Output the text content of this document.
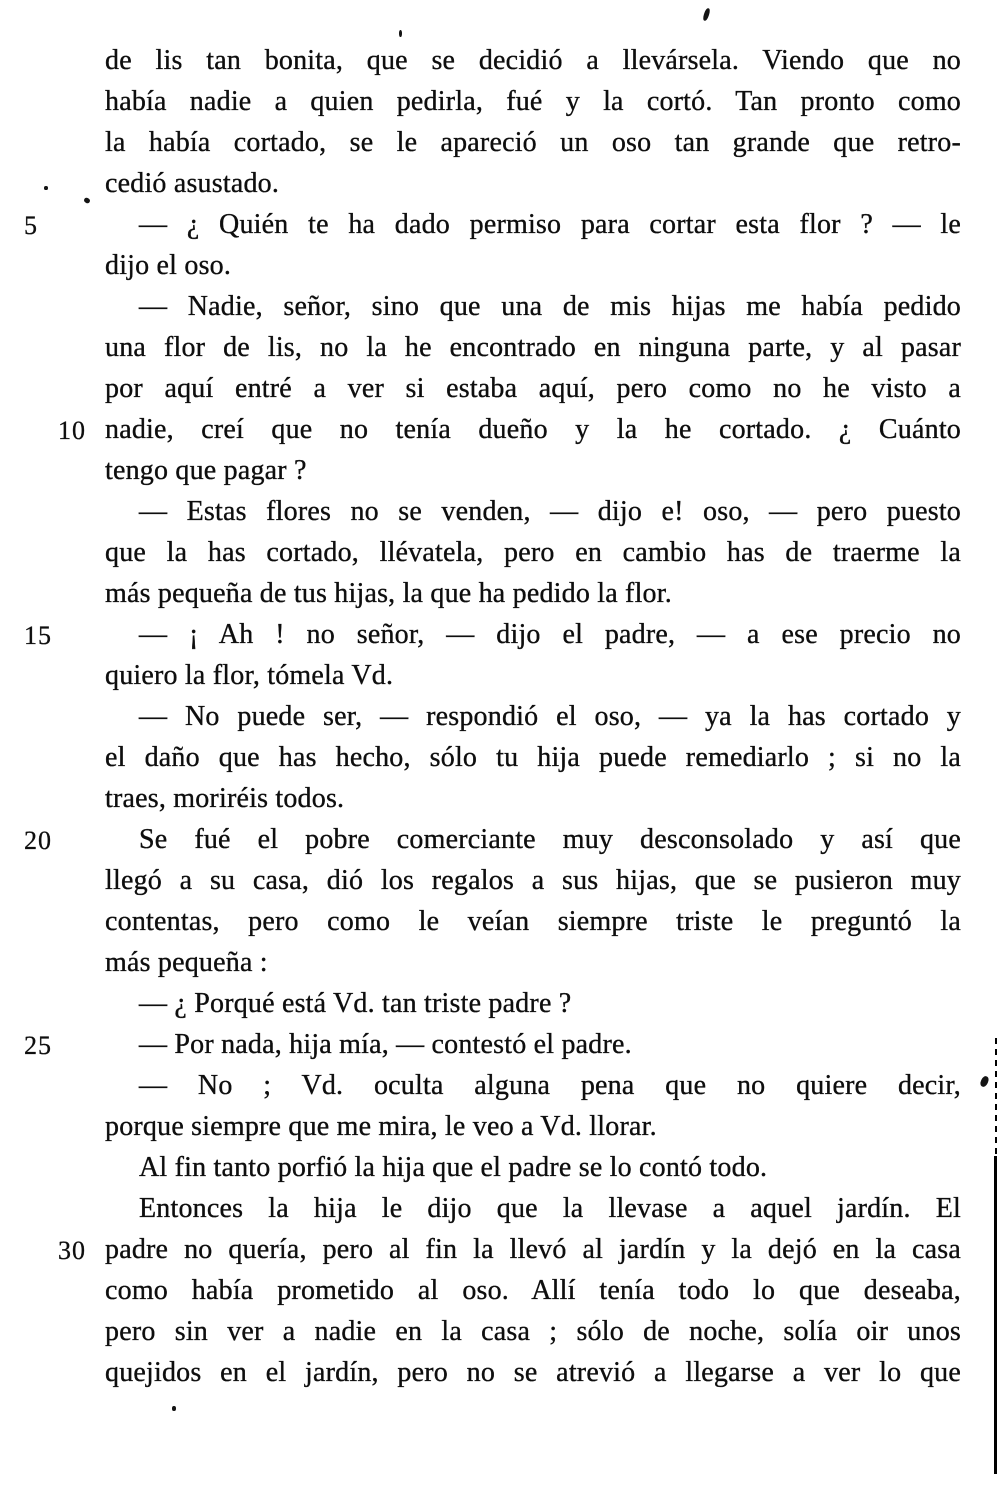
de lis tan bonita, que se decidió a llevársela. Viendo que no
había nadie a quien pedirla, fué y la cortó. Tan pronto como
la había cortado, se le apareció un oso tan grande que retro-
cedió asustado.
5	— ¿ Quién te ha dado permiso para cortar esta flor ? — le
dijo el oso.
— Nadie, señor, sino que una de mis hijas me había pedido
una flor de lis, no la he encontrado en ninguna parte, y al pasar
por aquí entré a ver si estaba aquí, pero como no he visto a
10 nadie, creí que no tenía dueño y la he cortado. ¿ Cuánto
tengo que pagar ?
— Estas flores no se venden, — dijo e! oso, — pero puesto
que la has cortado, llévatela, pero en cambio has de traerme la
más pequeña de tus hijas, la que ha pedido la flor.
15	— ¡ Ah ! no señor, — dijo el padre, — a ese precio no
quiero la flor, tómela Vd.
— No puede ser, — respondió el oso, — ya la has cortado y
el daño que has hecho, sólo tu hija puede remediarlo ; si no la
traes, moriréis todos.
20	Se fué el pobre comerciante muy desconsolado y así que
llegó a su casa, dió los regalos a sus hijas, que se pusieron muy
contentas, pero como le veían siempre triste le preguntó la
más pequeña :
— ¿ Porqué está Vd. tan triste padre ?
25	— Por nada, hija mía, — contestó el padre.
— No ; Vd. oculta alguna pena que no quiere decir,
porque siempre que me mira, le veo a Vd. llorar.
Al fin tanto porfió la hija que el padre se lo contó todo.
Entonces la hija le dijo que la llevase a aquel jardín. El
30 padre no quería, pero al fin la llevó al jardín y la dejó en la casa
como había prometido al oso. Allí tenía todo lo que deseaba,
pero sin ver a nadie en la casa ; sólo de noche, solía oir unos
quejidos en el jardín, pero no se atrevió a llegarse a ver lo que
